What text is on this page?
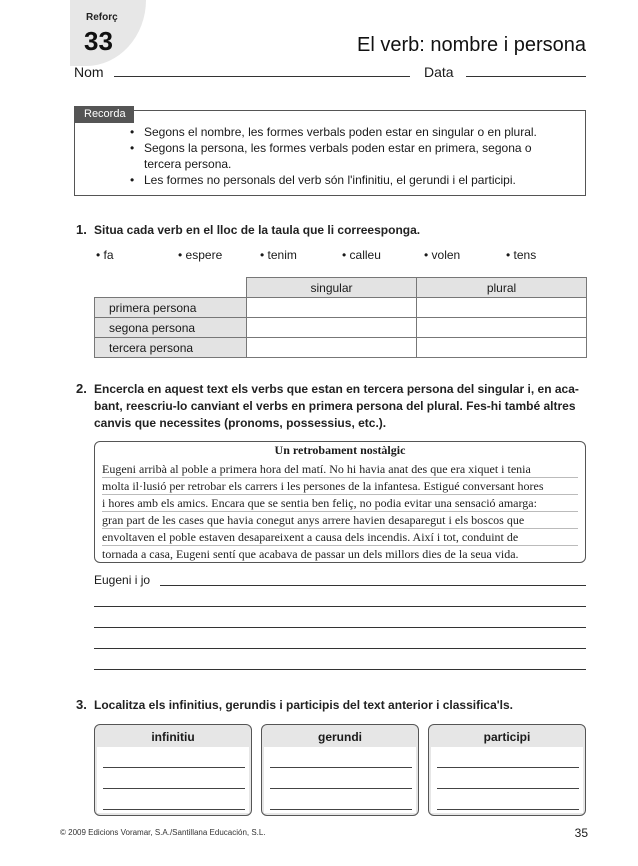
Reforç
33	El verb: nombre i persona
Nom	Data
Recorda
• Segons el nombre, les formes verbals poden estar en singular o en plural.
• Segons la persona, les formes verbals poden estar en primera, segona o tercera persona.
• Les formes no personals del verb són l'infinitiu, el gerundi i el participi.
1. Situa cada verb en el lloc de la taula que li correesponga.
• fa	• espere	• tenim	• calleu	• volen	• tens
	singular	plural
primera persona		
segona persona		
tercera persona		
2. Encercla en aquest text els verbs que estan en tercera persona del singular i, en aca-
bant, reescriu-lo canviant el verbs en primera persona del plural. Fes-hi també altres
canvis que necessites (pronoms, possessius, etc.).
Un retrobament nostàlgic
Eugeni arribà al poble a primera hora del matí. No hi havia anat des que era xiquet i tenia
molta il·lusió per retrobar els carrers i les persones de la infantesa. Estigué conversant hores
i hores amb els amics. Encara que se sentia ben feliç, no podia evitar una sensació amarga:
gran part de les cases que havia conegut anys arrere havien desaparegut i els boscos que
envoltaven el poble estaven desapareixent a causa dels incendis. Així i tot, conduint de
tornada a casa, Eugeni sentí que acabava de passar un dels millors dies de la seua vida.
Eugeni i jo
3. Localitza els infinitius, gerundis i participis del text anterior i classifica'ls.
infinitiu	gerundi	participi
© 2009 Edicions Voramar, S.A./Santillana Educación, S.L.	35
